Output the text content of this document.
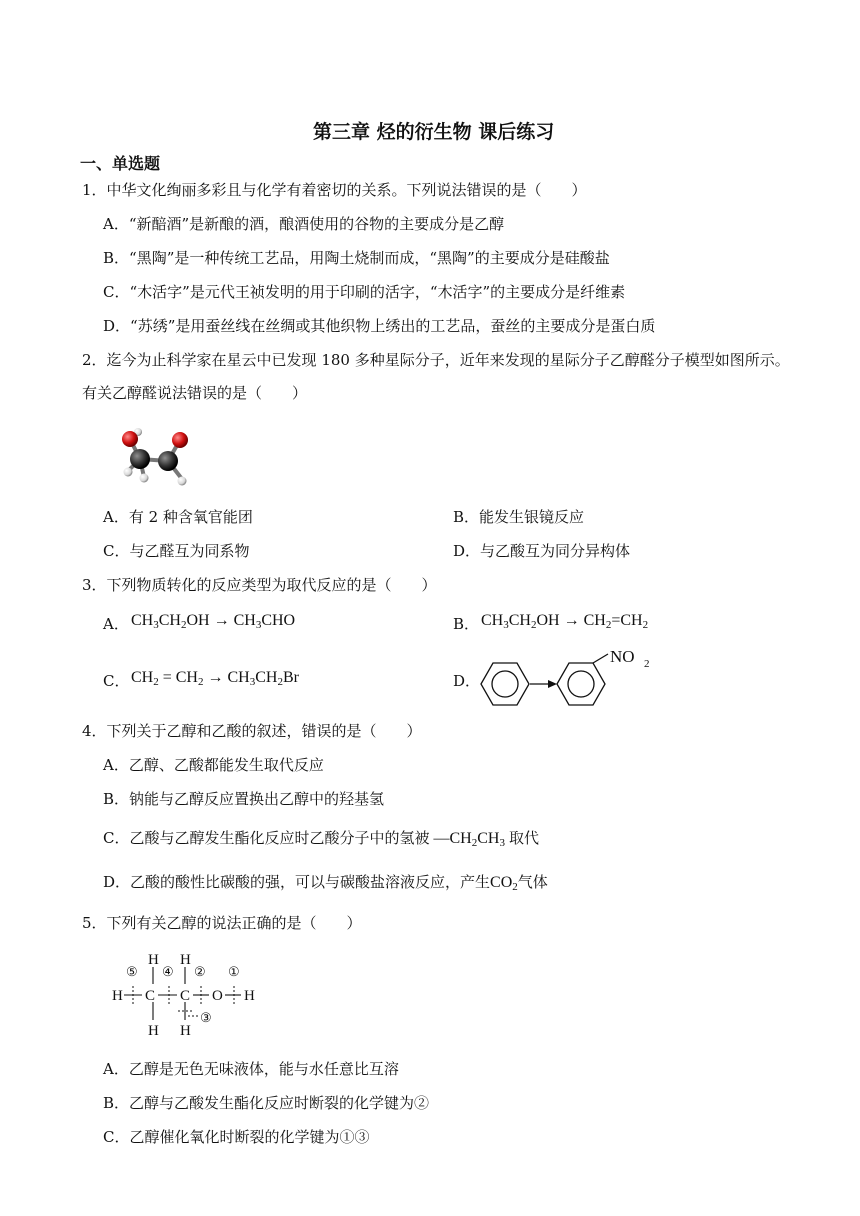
第三章 烃的衍生物 课后练习
一、单选题
1．中华文化绚丽多彩且与化学有着密切的关系。下列说法错误的是（　　）
A．“新醅酒”是新酿的酒，酿酒使用的谷物的主要成分是乙醇
B．“黑陶”是一种传统工艺品，用陶土烧制而成，“黑陶”的主要成分是硅酸盐
C．“木活字”是元代王祯发明的用于印刷的活字，“木活字”的主要成分是纤维素
D．“苏绣”是用蚕丝线在丝绸或其他织物上绣出的工艺品，蚕丝的主要成分是蛋白质
2．迄今为止科学家在星云中已发现 180 多种星际分子，近年来发现的星际分子乙醇醛分子模型如图所示。
有关乙醇醛说法错误的是（　　）
A．有 2 种含氧官能团	B．能发生银镜反应
C．与乙醛互为同系物	D．与乙酸互为同分异构体
3．下列物质转化的反应类型为取代反应的是（　　）
A． $CH_3CH_2OH \to CH_3CHO$	B． $CH_3CH_2OH \to CH_2=CH_2$
C． $CH_2 = CH_2 \to CH_3CH_2Br$	D．
NO 2
4．下列关于乙醇和乙酸的叙述，错误的是（　　）
A．乙醇、乙酸都能发生取代反应
B．钠能与乙醇反应置换出乙醇中的羟基氢
C．乙酸与乙醇发生酯化反应时乙酸分子中的氢被 $—CH_2CH_3$ 取代
D．乙酸的酸性比碳酸的强，可以与碳酸盐溶液反应，产生$CO_2$气体
5．下列有关乙醇的说法正确的是（　　）
H H
H C C O H
H H
⑤ ④ ② ①
③
A．乙醇是无色无味液体，能与水任意比互溶
B．乙醇与乙酸发生酯化反应时断裂的化学键为②
C．乙醇催化氧化时断裂的化学键为①③
